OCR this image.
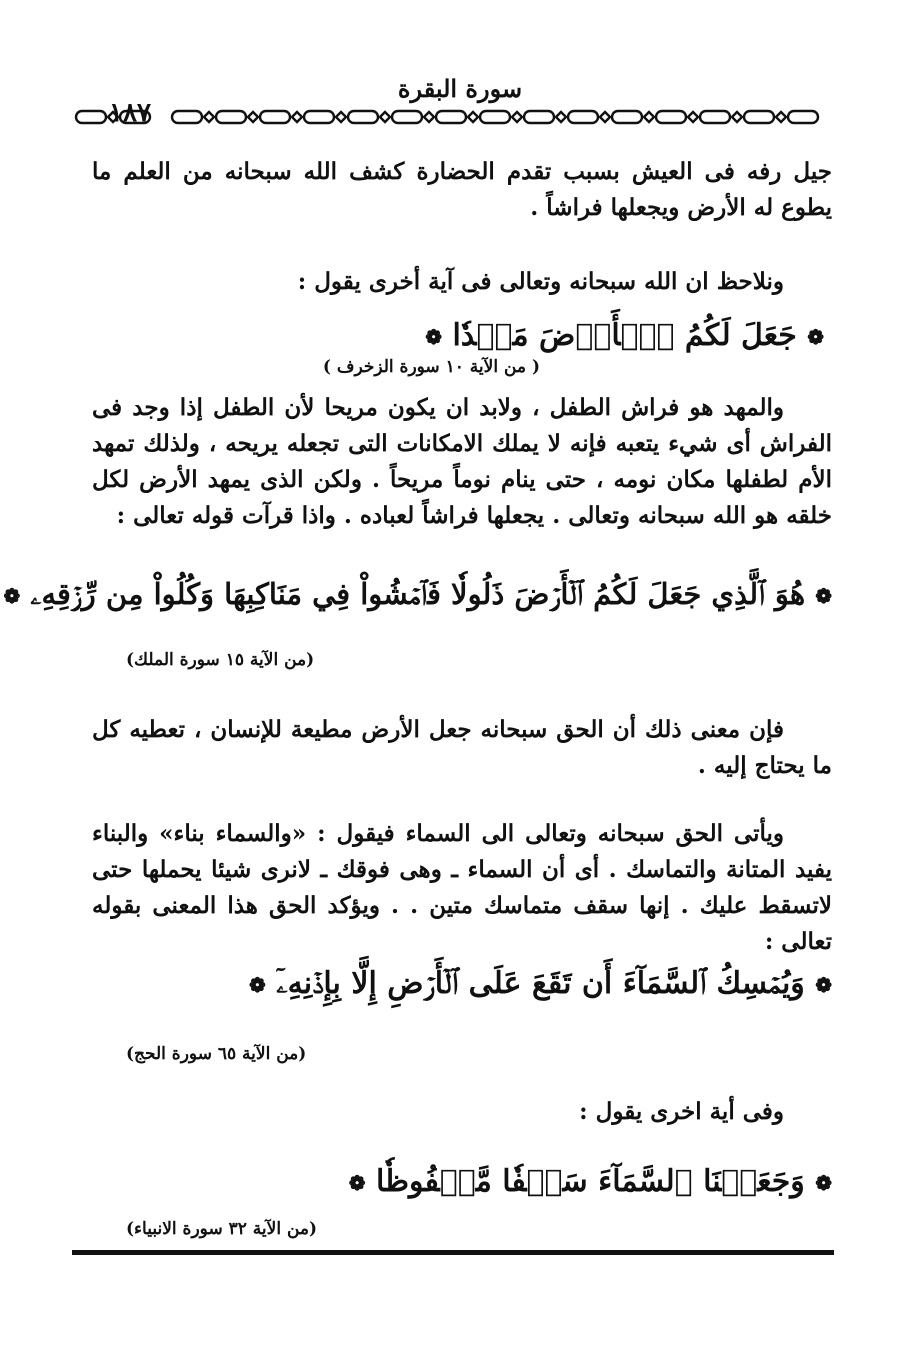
سورة البقرة
١٨٧
جيل رفه فى العيش بسبب تقدم الحضارة كشف الله سبحانه من العلم ما يطوع له الأرض ويجعلها فراشاً .
ونلاحظ ان الله سبحانه وتعالى فى آية أخرى يقول :
❁ جَعَلَ لَكُمُ ٱلۡأَرۡضَ مَهۡدٗا ❁
( من الآية ١٠ سورة الزخرف )
والمهد هو فراش الطفل ، ولابد ان يكون مريحا لأن الطفل إذا وجد فى الفراش أى شيء يتعبه فإنه لا يملك الامكانات التى تجعله يريحه ، ولذلك تمهد الأم لطفلها مكان نومه ، حتى ينام نوماً مريحاً . ولكن الذى يمهد الأرض لكل خلقه هو الله سبحانه وتعالى . يجعلها فراشاً لعباده . واذا قرآت قوله تعالى :
❁ هُوَ ٱلَّذِي جَعَلَ لَكُمُ ٱلۡأَرۡضَ ذَلُولٗا فَٱمۡشُواْ فِي مَنَاكِبِهَا وَكُلُواْ مِن رِّزۡقِهِۦ ❁
(من الآية ١٥ سورة الملك)
فإن معنى ذلك أن الحق سبحانه جعل الأرض مطيعة للإنسان ، تعطيه كل ما يحتاج إليه .
ويأتى الحق سبحانه وتعالى الى السماء فيقول : «والسماء بناء» والبناء يفيد المتانة والتماسك . أى أن السماء ـ وهى فوقك ـ لانرى شيئا يحملها حتى لاتسقط عليك . إنها سقف متماسك متين . . ويؤكد الحق هذا المعنى بقوله تعالى :
❁ وَيُمۡسِكُ ٱلسَّمَآءَ أَن تَقَعَ عَلَى ٱلۡأَرۡضِ إِلَّا بِإِذۡنِهِۦٓ ❁
(من الآية ٦٥ سورة الحج)
وفى أية اخرى يقول :
❁ وَجَعَلۡنَا ٱلسَّمَآءَ سَقۡفٗا مَّحۡفُوظٗا ❁
(من الآية ٣٢ سورة الانبياء)
